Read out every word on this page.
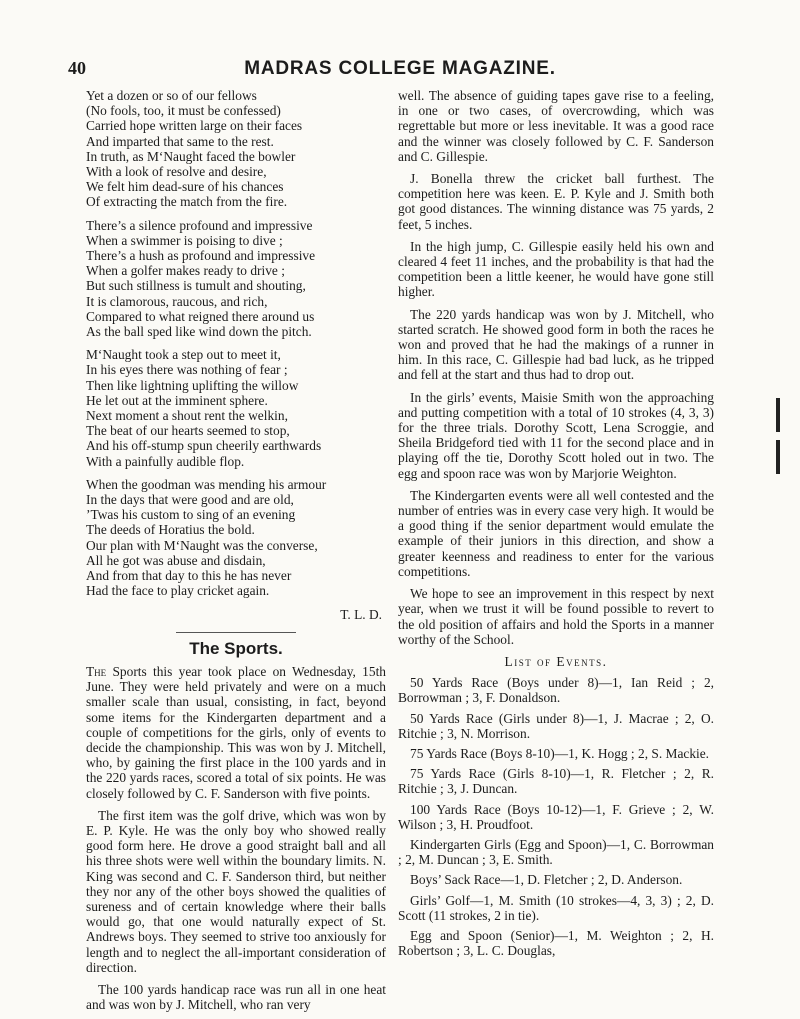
40	MADRAS COLLEGE MAGAZINE.
Yet a dozen or so of our fellows
(No fools, too, it must be confessed)
Carried hope written large on their faces
And imparted that same to the rest.
In truth, as M‘Naught faced the bowler
With a look of resolve and desire,
We felt him dead-sure of his chances
Of extracting the match from the fire.
There’s a silence profound and impressive
When a swimmer is poising to dive ;
There’s a hush as profound and impressive
When a golfer makes ready to drive ;
But such stillness is tumult and shouting,
It is clamorous, raucous, and rich,
Compared to what reigned there around us
As the ball sped like wind down the pitch.
M‘Naught took a step out to meet it,
In his eyes there was nothing of fear ;
Then like lightning uplifting the willow
He let out at the imminent sphere.
Next moment a shout rent the welkin,
The beat of our hearts seemed to stop,
And his off-stump spun cheerily earthwards
With a painfully audible flop.
When the goodman was mending his armour
In the days that were good and are old,
’Twas his custom to sing of an evening
The deeds of Horatius the bold.
Our plan with M‘Naught was the converse,
All he got was abuse and disdain,
And from that day to this he has never
Had the face to play cricket again.
T. L. D.
The Sports.

The Sports this year took place on Wednesday, 15th June. They were held privately and were on a much smaller scale than usual, consisting, in fact, beyond some items for the Kindergarten department and a couple of competitions for the girls, only of events to decide the championship. This was won by J. Mitchell, who, by gaining the first place in the 100 yards and in the 220 yards races, scored a total of six points. He was closely followed by C. F. Sanderson with five points.

The first item was the golf drive, which was won by E. P. Kyle. He was the only boy who showed really good form here. He drove a good straight ball and all his three shots were well within the boundary limits. N. King was second and C. F. Sanderson third, but neither they nor any of the other boys showed the qualities of sureness and of certain knowledge where their balls would go, that one would naturally expect of St. Andrews boys. They seemed to strive too anxiously for length and to neglect the all-important consideration of direction.

The 100 yards handicap race was run all in one heat and was won by J. Mitchell, who ran very

well. The absence of guiding tapes gave rise to a feeling, in one or two cases, of overcrowding, which was regrettable but more or less inevitable. It was a good race and the winner was closely followed by C. F. Sanderson and C. Gillespie.

J. Bonella threw the cricket ball furthest. The competition here was keen. E. P. Kyle and J. Smith both got good distances. The winning distance was 75 yards, 2 feet, 5 inches.

In the high jump, C. Gillespie easily held his own and cleared 4 feet 11 inches, and the probability is that had the competition been a little keener, he would have gone still higher.

The 220 yards handicap was won by J. Mitchell, who started scratch. He showed good form in both the races he won and proved that he had the makings of a runner in him. In this race, C. Gillespie had bad luck, as he tripped and fell at the start and thus had to drop out.

In the girls’ events, Maisie Smith won the approaching and putting competition with a total of 10 strokes (4, 3, 3) for the three trials. Dorothy Scott, Lena Scroggie, and Sheila Bridgeford tied with 11 for the second place and in playing off the tie, Dorothy Scott holed out in two. The egg and spoon race was won by Marjorie Weighton.

The Kindergarten events were all well contested and the number of entries was in every case very high. It would be a good thing if the senior department would emulate the example of their juniors in this direction, and show a greater keenness and readiness to enter for the various competitions.

We hope to see an improvement in this respect by next year, when we trust it will be found possible to revert to the old position of affairs and hold the Sports in a manner worthy of the School.

List of Events.

50 Yards Race (Boys under 8)—1, Ian Reid ; 2, Borrowman ; 3, F. Donaldson.

50 Yards Race (Girls under 8)—1, J. Macrae ; 2, O. Ritchie ; 3, N. Morrison.

75 Yards Race (Boys 8-10)—1, K. Hogg ; 2, S. Mackie.

75 Yards Race (Girls 8-10)—1, R. Fletcher ; 2, R. Ritchie ; 3, J. Duncan.

100 Yards Race (Boys 10-12)—1, F. Grieve ; 2, W. Wilson ; 3, H. Proudfoot.

Kindergarten Girls (Egg and Spoon)—1, C. Borrowman ; 2, M. Duncan ; 3, E. Smith.

Boys’ Sack Race—1, D. Fletcher ; 2, D. Anderson.

Girls’ Golf—1, M. Smith (10 strokes—4, 3, 3) ; 2, D. Scott (11 strokes, 2 in tie).

Egg and Spoon (Senior)—1, M. Weighton ; 2, H. Robertson ; 3, L. C. Douglas,
